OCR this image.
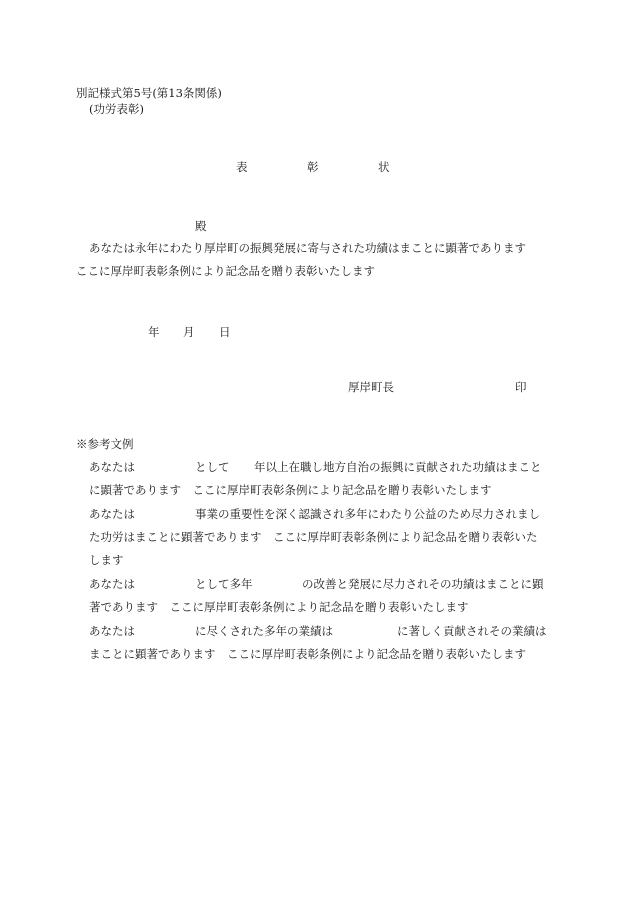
別記様式第5号(第13条関係)
(功労表彰)
表	彰	状
殿
あなたは永年にわたり厚岸町の振興発展に寄与された功績はまことに顕著であります
ここに厚岸町表彰条例により記念品を贈り表彰いたします
年 月 日
厚岸町長	印
※参考文例
あなたは	として 年以上在職し地方自治の振興に貢献された功績はまこと
に顕著であります　ここに厚岸町表彰条例により記念品を贈り表彰いたします
あなたは	事業の重要性を深く認識され多年にわたり公益のため尽力されまし
た功労はまことに顕著であります　ここに厚岸町表彰条例により記念品を贈り表彰いた
します
あなたは	として多年	の改善と発展に尽力されその功績はまことに顕
著であります　ここに厚岸町表彰条例により記念品を贈り表彰いたします
あなたは	に尽くされた多年の業績は	に著しく貢献されその業績は
まことに顕著であります　ここに厚岸町表彰条例により記念品を贈り表彰いたします
